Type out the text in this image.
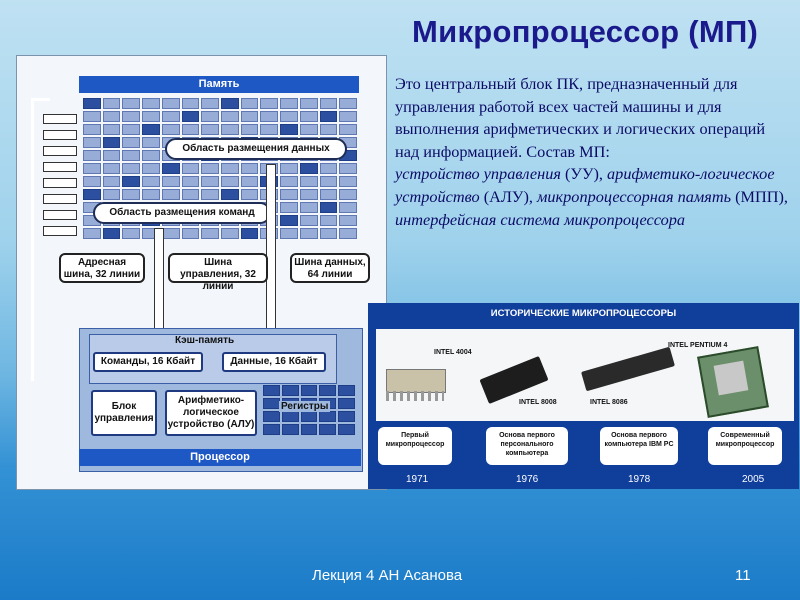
Микропроцессор (МП)
Это центральный блок ПК, предназначенный для управления работой всех частей машины и для выполнения арифметических и логических операций над информацией. Состав МП:
устройство управления (УУ), арифметико-логическое устройство (АЛУ), микропроцессорная память (МПП), интерфейсная система микропроцессора
Память
Область размещения данных
Область размещения команд
Адресная шина, 32 линии
Шина управления, 32 линии
Шина данных, 64 линии
Кэш-память
Команды, 16 Кбайт	Данные, 16 Кбайт
Блок управления
Арифметико-логическое устройство (АЛУ)
Регистры
Процессор
ИСТОРИЧЕСКИЕ МИКРОПРОЦЕССОРЫ
INTEL 4004
INTEL 8008	INTEL 8086
INTEL PENTIUM 4
Первый микропроцессор
Основа первого персонального компьютера
Основа первого компьютера IBM PC
Современный микропроцессор
1971	1976	1978	2005
Лекция 4 АН Асанова	11
